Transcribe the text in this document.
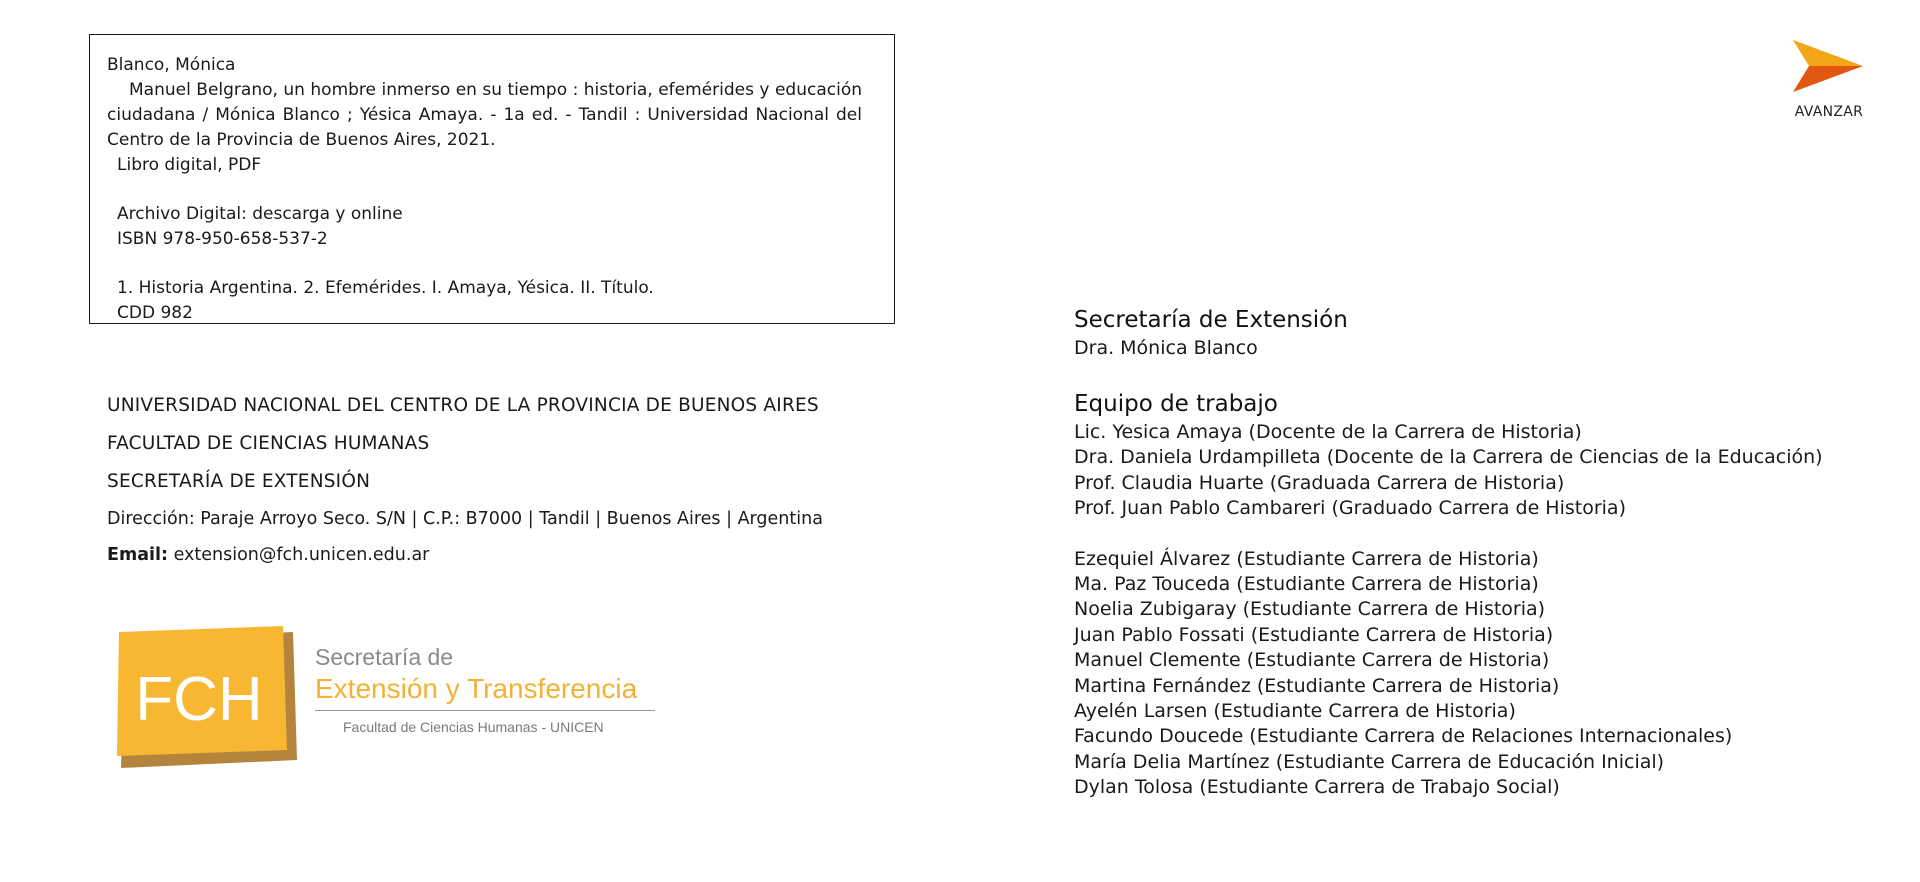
Blanco, Mónica
Manuel Belgrano, un hombre inmerso en su tiempo : historia, efemérides y educación ciudadana / Mónica Blanco ; Yésica Amaya. - 1a ed. - Tandil : Universidad Nacional del Centro de la Provincia de Buenos Aires, 2021.
Libro digital, PDF
Archivo Digital: descarga y online
ISBN 978-950-658-537-2
1. Historia Argentina. 2. Efemérides. I. Amaya, Yésica. II. Título.
CDD 982
UNIVERSIDAD NACIONAL DEL CENTRO DE LA PROVINCIA DE BUENOS AIRES
FACULTAD DE CIENCIAS HUMANAS
SECRETARÍA DE EXTENSIÓN
Dirección: Paraje Arroyo Seco. S/N | C.P.: B7000 | Tandil | Buenos Aires | Argentina
Email: extension@fch.unicen.edu.ar
FCH
Secretaría de
Extensión y Transferencia
Facultad de Ciencias Humanas - UNICEN
Secretaría de Extensión
Dra. Mónica Blanco
Equipo de trabajo
Lic. Yesica Amaya (Docente de la Carrera de Historia)
Dra. Daniela Urdampilleta (Docente de la Carrera de Ciencias de la Educación)
Prof. Claudia Huarte (Graduada Carrera de Historia)
Prof. Juan Pablo Cambareri (Graduado Carrera de Historia)
Ezequiel Álvarez (Estudiante Carrera de Historia)
Ma. Paz Touceda (Estudiante Carrera de Historia)
Noelia Zubigaray (Estudiante Carrera de Historia)
Juan Pablo Fossati (Estudiante Carrera de Historia)
Manuel Clemente (Estudiante Carrera de Historia)
Martina Fernández (Estudiante Carrera de Historia)
Ayelén Larsen (Estudiante Carrera de Historia)
Facundo Doucede (Estudiante Carrera de Relaciones Internacionales)
María Delia Martínez (Estudiante Carrera de Educación Inicial)
Dylan Tolosa (Estudiante Carrera de Trabajo Social)
AVANZAR
